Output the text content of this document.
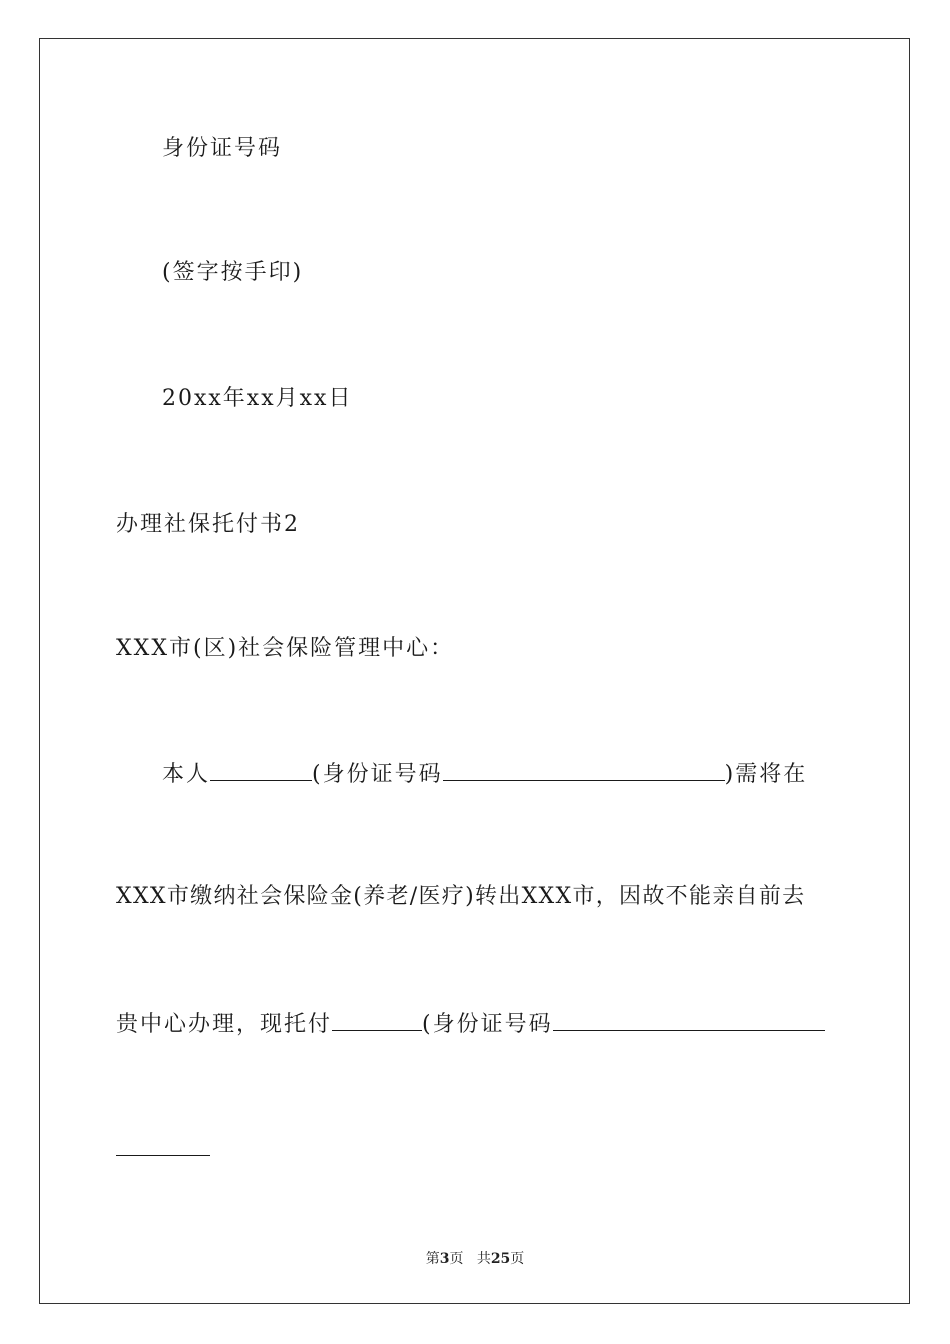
身份证号码
(签字按手印)
20xx年xx月xx日
办理社保托付书2
XXX市(区)社会保险管理中心：
本人	(身份证号码	)需将在
XXX市缴纳社会保险金(养老/医疗)转出XXX市，因故不能亲自前去
贵中心办理，现托付	(身份证号码
第3页 共25页
